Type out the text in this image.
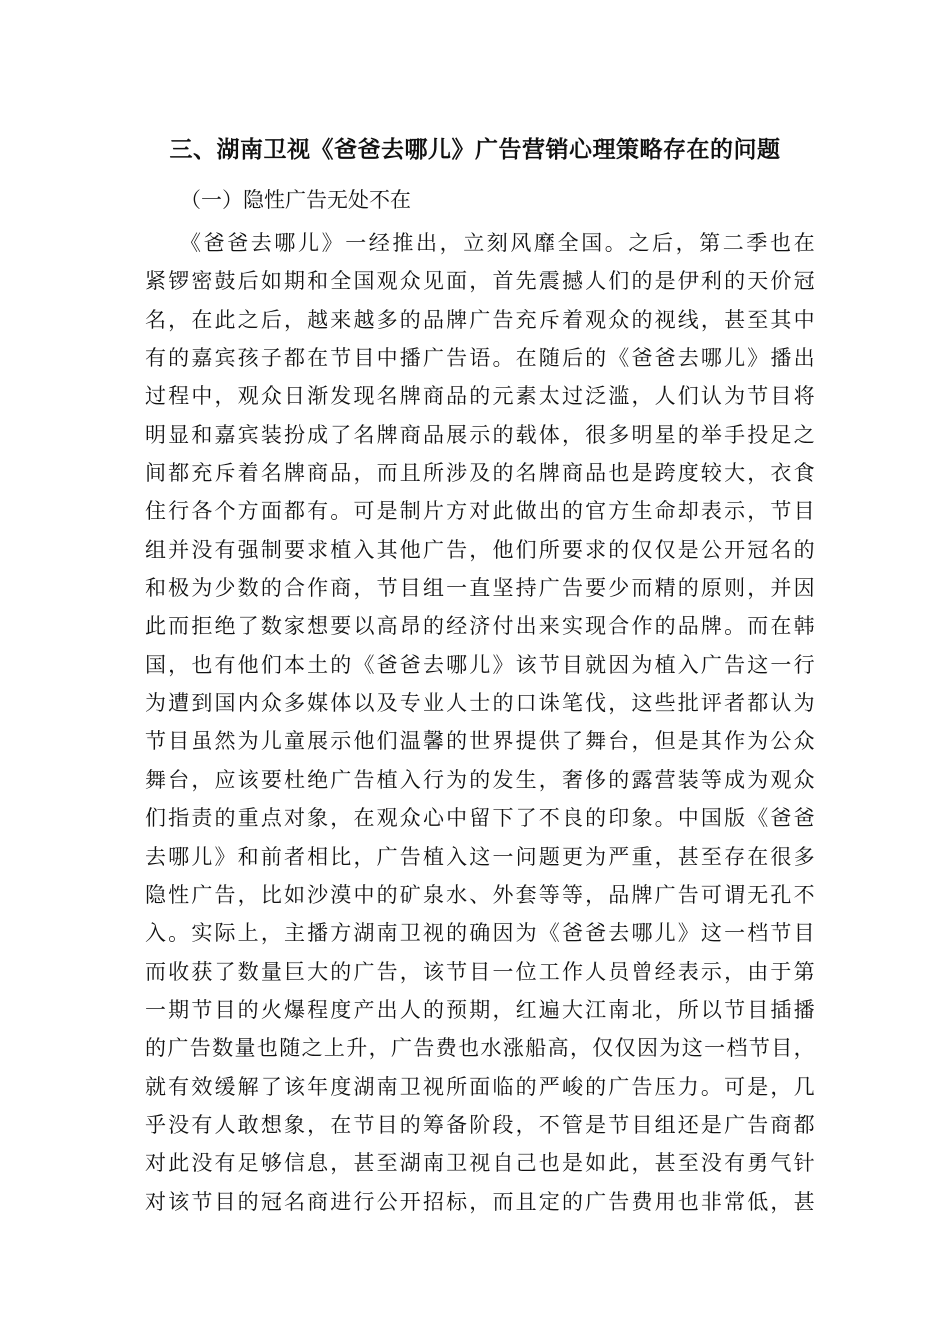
三、湖南卫视《爸爸去哪儿》广告营销心理策略存在的问题
（一）隐性广告无处不在
《爸爸去哪儿》一经推出，立刻风靡全国。之后，第二季也在
紧锣密鼓后如期和全国观众见面，首先震撼人们的是伊利的天价冠
名，在此之后，越来越多的品牌广告充斥着观众的视线，甚至其中
有的嘉宾孩子都在节目中播广告语。在随后的《爸爸去哪儿》播出
过程中，观众日渐发现名牌商品的元素太过泛滥，人们认为节目将
明显和嘉宾装扮成了名牌商品展示的载体，很多明星的举手投足之
间都充斥着名牌商品，而且所涉及的名牌商品也是跨度较大，衣食
住行各个方面都有。可是制片方对此做出的官方生命却表示，节目
组并没有强制要求植入其他广告，他们所要求的仅仅是公开冠名的
和极为少数的合作商，节目组一直坚持广告要少而精的原则，并因
此而拒绝了数家想要以高昂的经济付出来实现合作的品牌。而在韩
国，也有他们本土的《爸爸去哪儿》该节目就因为植入广告这一行
为遭到国内众多媒体以及专业人士的口诛笔伐，这些批评者都认为
节目虽然为儿童展示他们温馨的世界提供了舞台，但是其作为公众
舞台，应该要杜绝广告植入行为的发生，奢侈的露营装等成为观众
们指责的重点对象，在观众心中留下了不良的印象。中国版《爸爸
去哪儿》和前者相比，广告植入这一问题更为严重，甚至存在很多
隐性广告，比如沙漠中的矿泉水、外套等等，品牌广告可谓无孔不
入。实际上，主播方湖南卫视的确因为《爸爸去哪儿》这一档节目
而收获了数量巨大的广告，该节目一位工作人员曾经表示，由于第
一期节目的火爆程度产出人的预期，红遍大江南北，所以节目插播
的广告数量也随之上升，广告费也水涨船高，仅仅因为这一档节目，
就有效缓解了该年度湖南卫视所面临的严峻的广告压力。可是，几
乎没有人敢想象，在节目的筹备阶段，不管是节目组还是广告商都
对此没有足够信息，甚至湖南卫视自己也是如此，甚至没有勇气针
对该节目的冠名商进行公开招标，而且定的广告费用也非常低，甚
